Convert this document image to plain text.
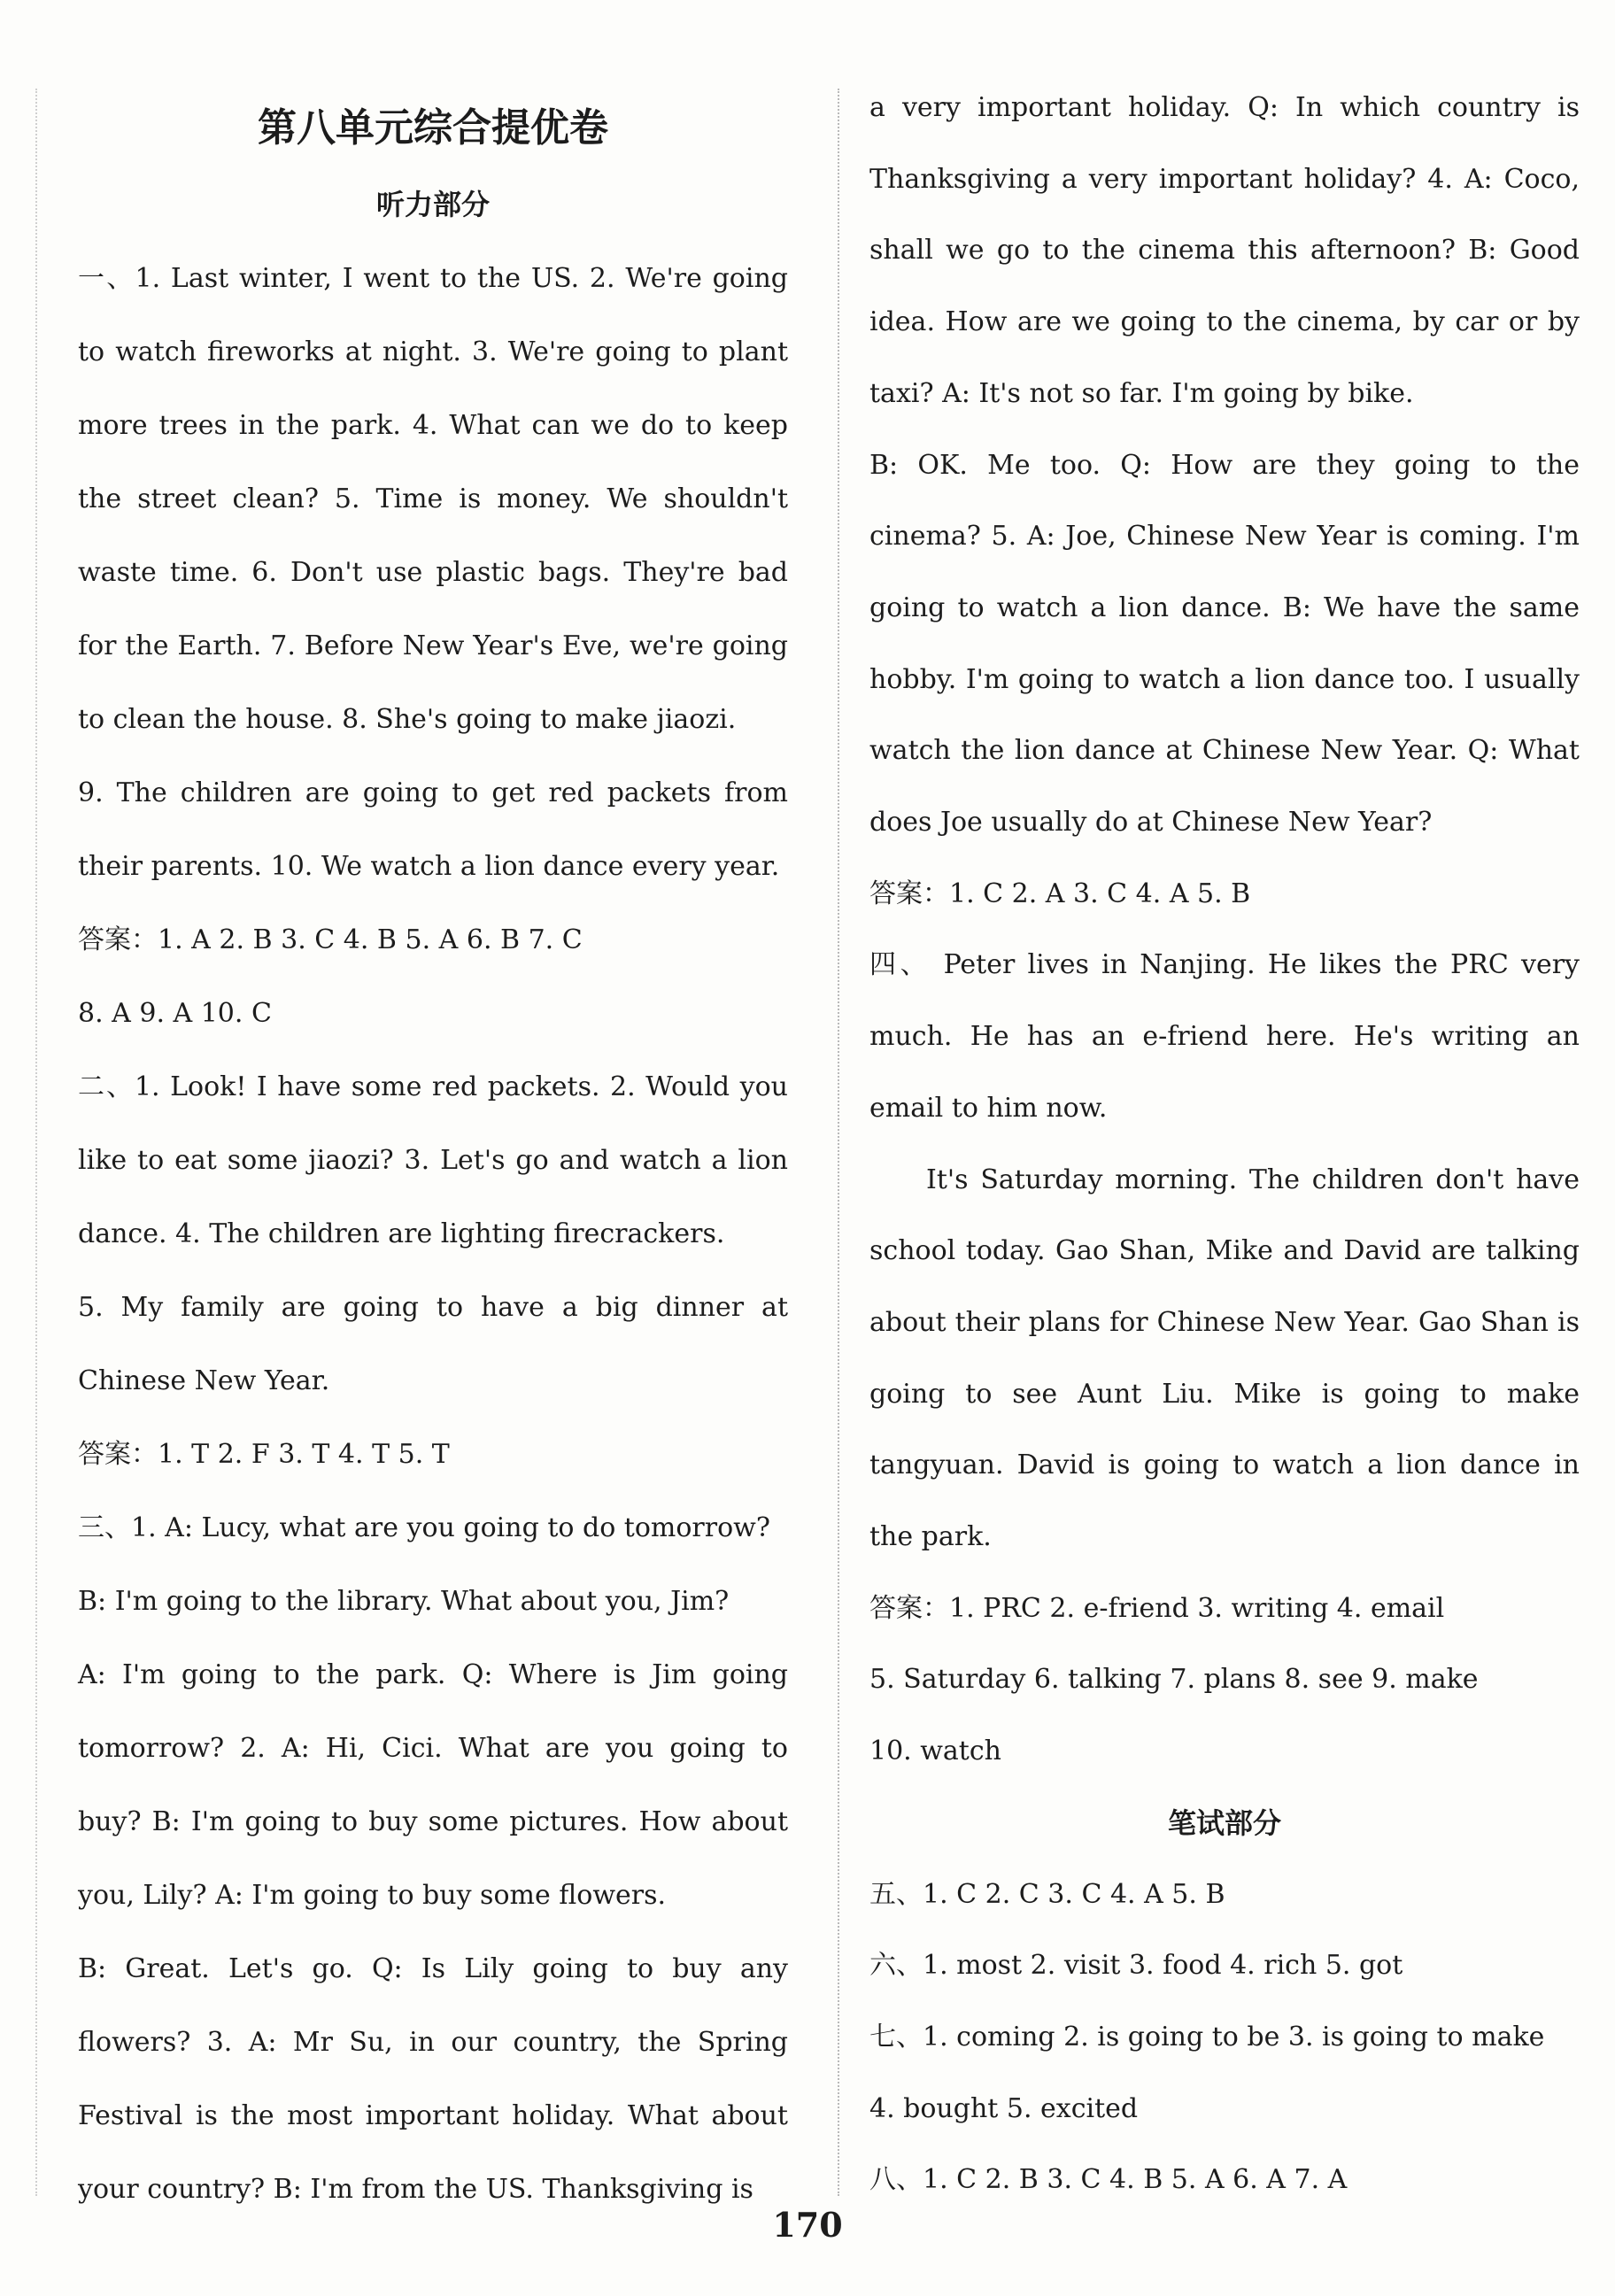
第八单元综合提优卷
听力部分

一、1. Last winter, I went to the US. 2. We're going to watch fireworks at night. 3. We're going to plant more trees in the park. 4. What can we do to keep the street clean? 5. Time is money. We shouldn't waste time. 6. Don't use plastic bags. They're bad for the Earth. 7. Before New Year's Eve, we're going to clean the house. 8. She's going to make jiaozi.

9. The children are going to get red packets from their parents. 10. We watch a lion dance every year.

答案：1. A 2. B 3. C 4. B 5. A 6. B 7. C

8. A 9. A 10. C

二、1. Look! I have some red packets. 2. Would you like to eat some jiaozi? 3. Let's go and watch a lion dance. 4. The children are lighting firecrackers.

5. My family are going to have a big dinner at Chinese New Year.

答案：1. T 2. F 3. T 4. T 5. T

三、1. A: Lucy, what are you going to do tomorrow?

B: I'm going to the library. What about you, Jim?

A: I'm going to the park. Q: Where is Jim going tomorrow? 2. A: Hi, Cici. What are you going to buy? B: I'm going to buy some pictures. How about you, Lily? A: I'm going to buy some flowers.

B: Great. Let's go. Q: Is Lily going to buy any flowers? 3. A: Mr Su, in our country, the Spring Festival is the most important holiday. What about your country? B: I'm from the US. Thanksgiving is

a very important holiday. Q: In which country is Thanksgiving a very important holiday? 4. A: Coco, shall we go to the cinema this afternoon? B: Good idea. How are we going to the cinema, by car or by taxi? A: It's not so far. I'm going by bike.

B: OK. Me too. Q: How are they going to the cinema? 5. A: Joe, Chinese New Year is coming. I'm going to watch a lion dance. B: We have the same hobby. I'm going to watch a lion dance too. I usually watch the lion dance at Chinese New Year. Q: What does Joe usually do at Chinese New Year?

答案：1. C 2. A 3. C 4. A 5. B

四、 Peter lives in Nanjing. He likes the PRC very much. He has an e-friend here. He's writing an email to him now.

It's Saturday morning. The children don't have school today. Gao Shan, Mike and David are talking about their plans for Chinese New Year. Gao Shan is going to see Aunt Liu. Mike is going to make tangyuan. David is going to watch a lion dance in the park.

答案：1. PRC 2. e-friend 3. writing 4. email

5. Saturday 6. talking 7. plans 8. see 9. make

10. watch

笔试部分

五、1. C 2. C 3. C 4. A 5. B

六、1. most 2. visit 3. food 4. rich 5. got

七、1. coming 2. is going to be 3. is going to make

4. bought 5. excited

八、1. C 2. B 3. C 4. B 5. A 6. A 7. A

170
